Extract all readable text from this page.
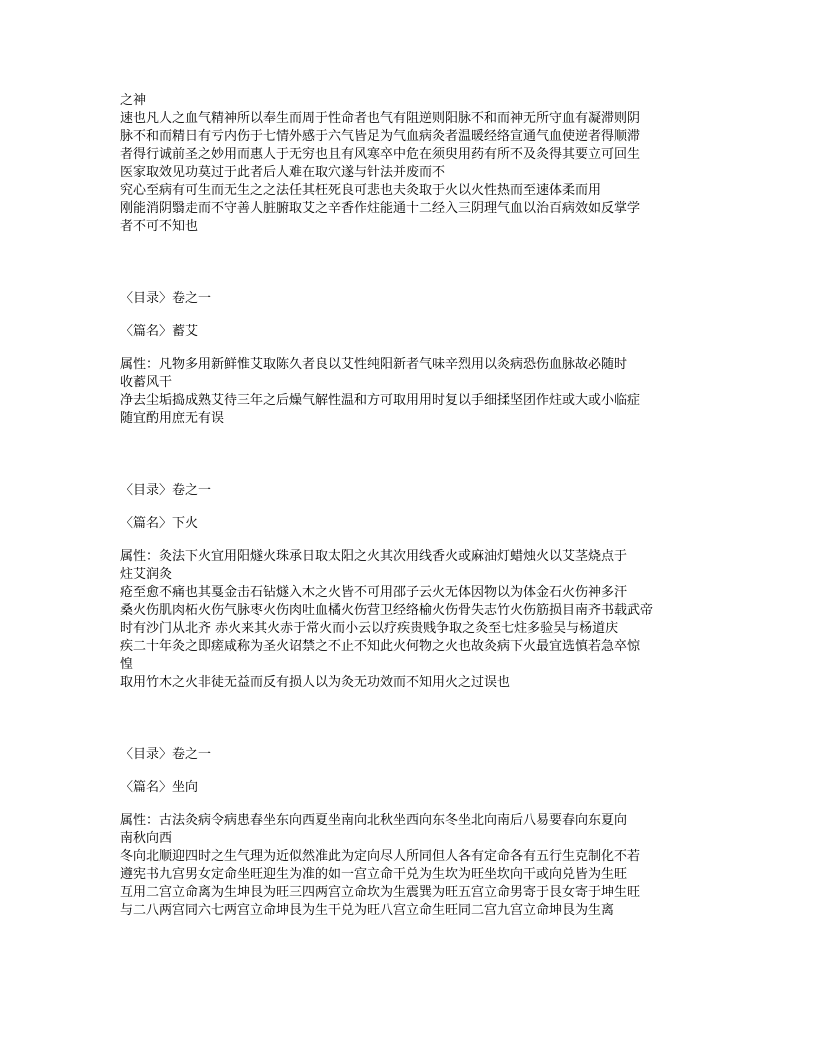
之神

速也凡人之血气精神所以奉生而周于性命者也气有阻逆则阳脉不和而神无所守血有凝滞则阴

脉不和而精日有亏内伤于七情外感于六气皆足为气血病灸者温暖经络宣通气血使逆者得顺滞

者得行诚前圣之妙用而惠人于无穷也且有风寒卒中危在须臾用药有所不及灸得其要立可回生

医家取效见功莫过于此者后人难在取穴遂与针法并废而不

究心至病有可生而无生之之法任其枉死良可悲也夫灸取于火以火性热而至速体柔而用

刚能消阴翳走而不守善人脏腑取艾之辛香作炷能通十二经入三阴理气血以治百病效如反掌学

者不可不知也

〈目录〉卷之一

〈篇名〉蓄艾

属性：凡物多用新鲜惟艾取陈久者良以艾性纯阳新者气味辛烈用以灸病恐伤血脉故必随时

收蓄风干

净去尘垢捣成熟艾待三年之后燥气解性温和方可取用用时复以手细揉坚团作炷或大或小临症

随宜酌用庶无有误

〈目录〉卷之一

〈篇名〉下火

属性：灸法下火宜用阳燧火珠承日取太阳之火其次用线香火或麻油灯蜡烛火以艾茎烧点于

炷艾润灸

疮至愈不痛也其戛金击石钻燧入木之火皆不可用邵子云火无体因物以为体金石火伤神多汗

桑火伤肌肉柘火伤气脉枣火伤肉吐血橘火伤营卫经络榆火伤骨失志竹火伤筋损目南齐书载武帝

时有沙门从北齐 赤火来其火赤于常火而小云以疗疾贵贱争取之灸至七炷多验吴与杨道庆

疾二十年灸之即瘥咸称为圣火诏禁之不止不知此火何物之火也故灸病下火最宜选慎若急卒惊

惶

取用竹木之火非徒无益而反有损人以为灸无功效而不知用火之过误也

〈目录〉卷之一

〈篇名〉坐向

属性：古法灸病令病患春坐东向西夏坐南向北秋坐西向东冬坐北向南后八易要春向东夏向

南秋向西

冬向北顺迎四时之生气理为近似然准此为定向尽人所同但人各有定命各有五行生克制化不若

遵宪书九宫男女定命坐旺迎生为准的如一宫立命干兑为生坎为旺坐坎向干或向兑皆为生旺

互用二宫立命离为生坤艮为旺三四两宫立命坎为生震巽为旺五宫立命男寄于艮女寄于坤生旺

与二八两宫同六七两宫立命坤艮为生干兑为旺八宫立命生旺同二宫九宫立命坤艮为生离
